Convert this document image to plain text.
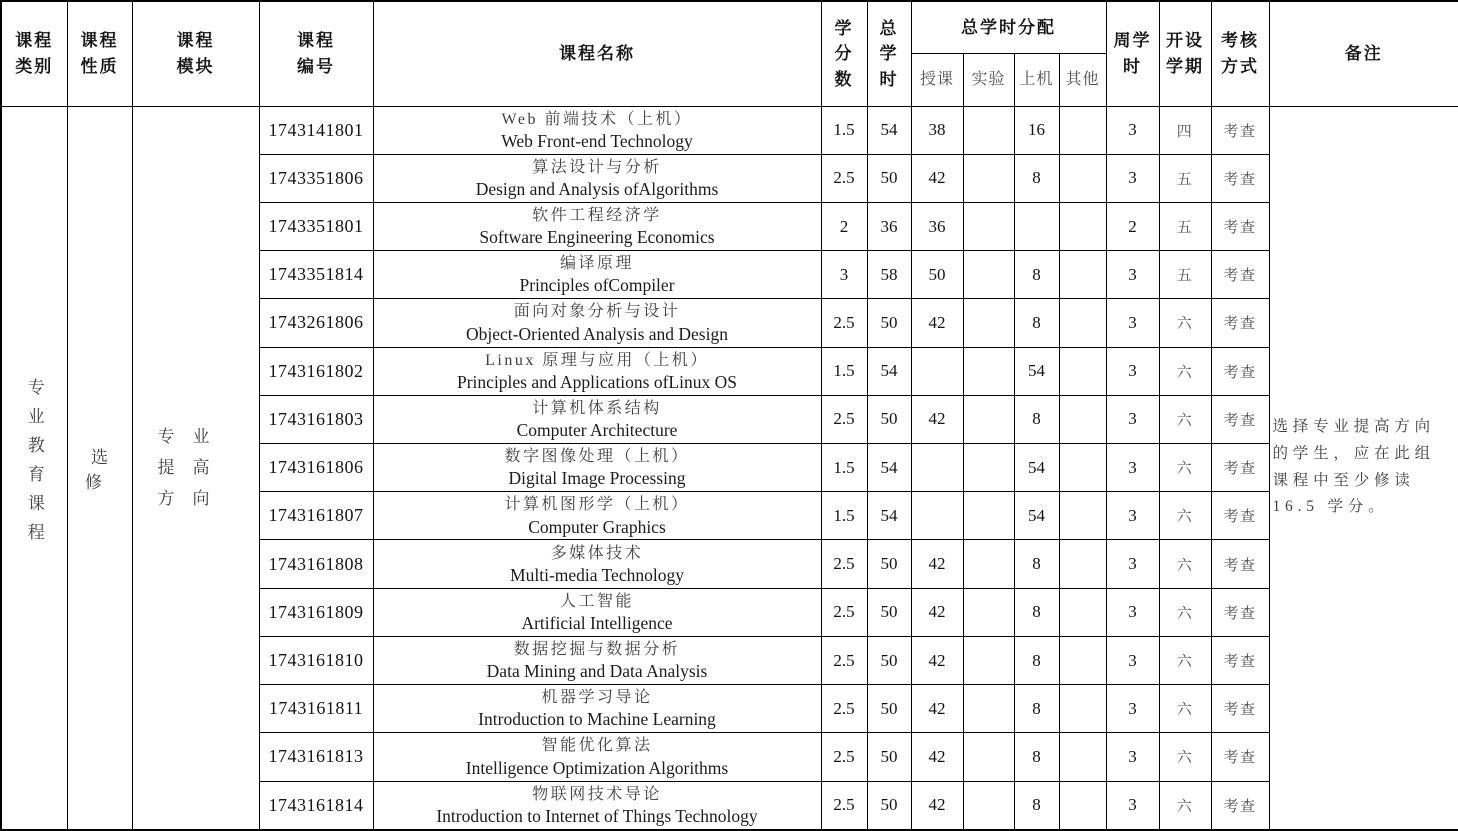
课程类别	课程性质	课程模块	课程编号	课程名称	学分数	总学时	总学时分配				周学时	开设学期	考核方式	备注
							授课	实验	上机	其他				
专业教育课程	选修	专业提高方向	1743141801	Web 前端技术（上机）
Web Front-end Technology	1.5	54	38		16		3	四	考查	选择专业提高方向的学生，应在此组课程中至少修读　16.5 学分。
			1743351806	算法设计与分析
Design and Analysis ofAlgorithms	2.5	50	42		8		3	五	考查	
			1743351801	软件工程经济学
Software Engineering Economics	2	36	36				2	五	考查	
			1743351814	编译原理
Principles ofCompiler	3	58	50		8		3	五	考查	
			1743261806	面向对象分析与设计
Object-Oriented Analysis and Design	2.5	50	42		8		3	六	考查	
			1743161802	Linux 原理与应用（上机）
Principles and Applications ofLinux OS	1.5	54			54		3	六	考查	
			1743161803	计算机体系结构
Computer Architecture	2.5	50	42		8		3	六	考查	
			1743161806	数字图像处理（上机）
Digital Image Processing	1.5	54			54		3	六	考查	
			1743161807	计算机图形学（上机）
Computer Graphics	1.5	54			54		3	六	考查	
			1743161808	多媒体技术
Multi-media Technology	2.5	50	42		8		3	六	考查	
			1743161809	人工智能
Artificial Intelligence	2.5	50	42		8		3	六	考查	
			1743161810	数据挖掘与数据分析
Data Mining and Data Analysis	2.5	50	42		8		3	六	考查	
			1743161811	机器学习导论
Introduction to Machine Learning	2.5	50	42		8		3	六	考查	
			1743161813	智能优化算法
Intelligence Optimization Algorithms	2.5	50	42		8		3	六	考查	
			1743161814	物联网技术导论
Introduction to Internet of Things Technology	2.5	50	42		8		3	六	考查	
